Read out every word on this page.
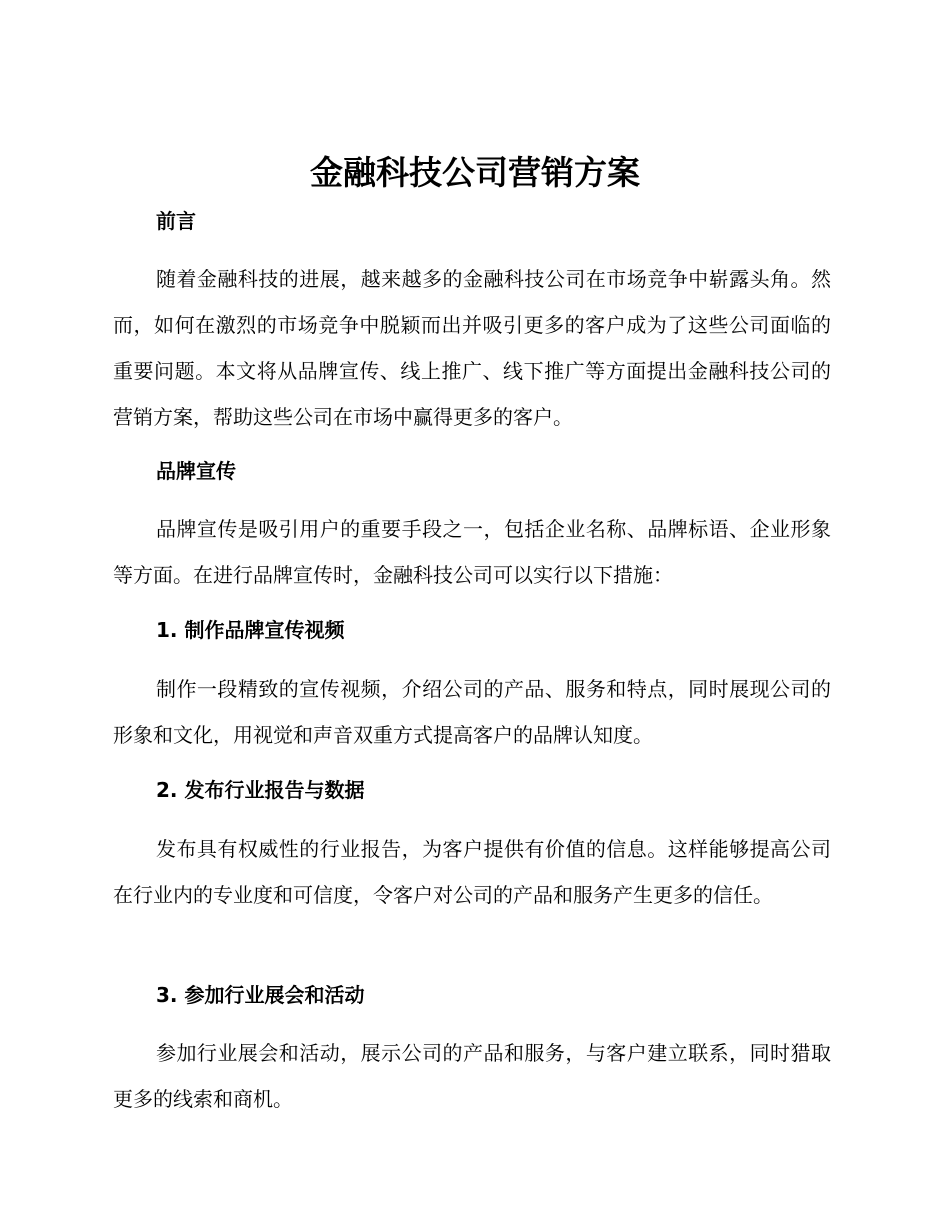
金融科技公司营销方案
前言
随着金融科技的进展，越来越多的金融科技公司在市场竞争中崭露头角。然而，如何在激烈的市场竞争中脱颖而出并吸引更多的客户成为了这些公司面临的重要问题。本文将从品牌宣传、线上推广、线下推广等方面提出金融科技公司的营销方案，帮助这些公司在市场中赢得更多的客户。
品牌宣传
品牌宣传是吸引用户的重要手段之一，包括企业名称、品牌标语、企业形象等方面。在进行品牌宣传时，金融科技公司可以实行以下措施：
1. 制作品牌宣传视频
制作一段精致的宣传视频，介绍公司的产品、服务和特点，同时展现公司的形象和文化，用视觉和声音双重方式提高客户的品牌认知度。
2. 发布行业报告与数据
发布具有权威性的行业报告，为客户提供有价值的信息。这样能够提高公司在行业内的专业度和可信度，令客户对公司的产品和服务产生更多的信任。
3. 参加行业展会和活动
参加行业展会和活动，展示公司的产品和服务，与客户建立联系，同时猎取更多的线索和商机。
